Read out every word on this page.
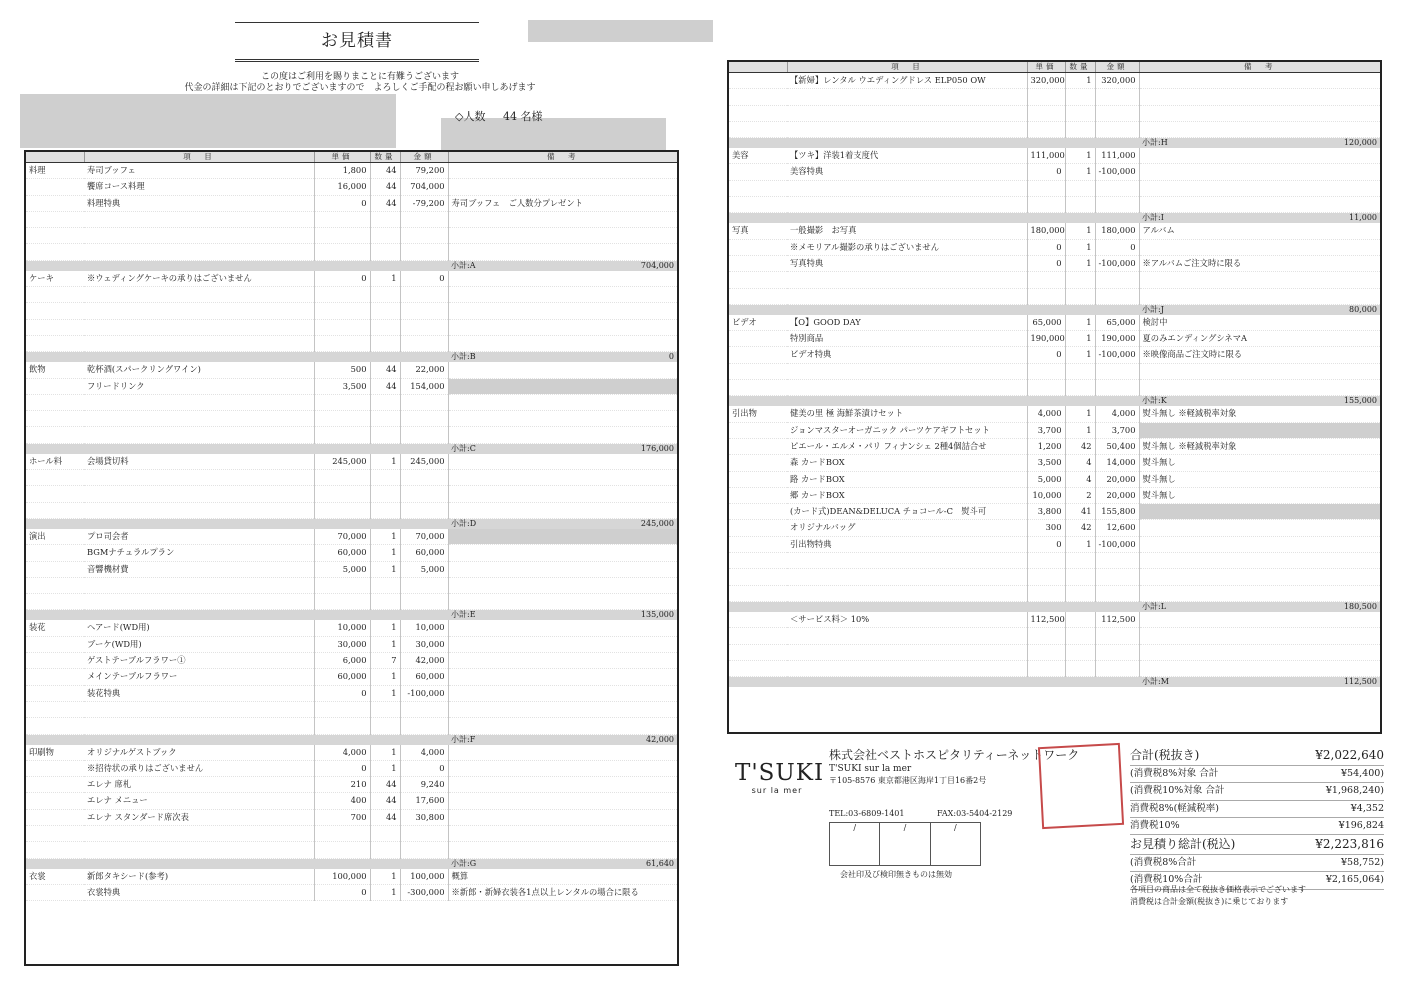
お見積書
この度はご利用を賜りまことに有難うございます
代金の詳細は下記のとおりでございますので　よろしくご手配の程お願い申しあげます
◇人数 44 名様
	項　目	単価	数量	金額	備　考
料理	寿司ブッフェ	1,800	44	79,200	
	饗席コース料理	16,000	44	704,000	
	料理特典	0	44	-79,200	寿司ブッフェ　ご人数分プレゼント

小計:A	704,000

ケーキ	※ウェディングケーキの承りはございません	0	1	0	

小計:B	0

飲物	乾杯酒(スパークリングワイン)	500	44	22,000	
	フリードリンク	3,500	44	154,000	

小計:C	176,000

ホール料	会場貸切料	245,000	1	245,000	

小計:D	245,000

演出	プロ司会者	70,000	1	70,000	
	BGMナチュラルプラン	60,000	1	60,000	
	音響機材費	5,000	1	5,000	

小計:E	135,000

装花	ヘアード(WD用)	10,000	1	10,000	
	ブーケ(WD用)	30,000	1	30,000	
	ゲストテーブルフラワー①	6,000	7	42,000	
	メインテーブルフラワー	60,000	1	60,000	
	装花特典	0	1	-100,000	

小計:F	42,000

印刷物	オリジナルゲストブック	4,000	1	4,000	
	※招待状の承りはございません	0	1	0	
	エレナ 席札	210	44	9,240	
	エレナ メニュー	400	44	17,600	
	エレナ スタンダード席次表	700	44	30,800	

小計:G	61,640

衣裳	新郎タキシード(参考)	100,000	1	100,000	概算
	衣裳特典	0	1	-300,000	※新郎・新婦衣装各1点以上レンタルの場合に限る
	項　目	単価	数量	金額	備　考
	【新婦】レンタル ウエディングドレス ELP050 OW	320,000	1	320,000	

小計:H	120,000

美容	【ツキ】洋装1着支度代	111,000	1	111,000	
	美容特典	0	1	-100,000	

小計:I	11,000

写真	一般撮影　お写真	180,000	1	180,000	アルバム
	※メモリアル撮影の承りはございません	0	1	0	
	写真特典	0	1	-100,000	※アルバムご注文時に限る

小計:J	80,000

ビデオ	【O】GOOD DAY	65,000	1	65,000	検討中
	特別商品	190,000	1	190,000	夏のみエンディングシネマA
	ビデオ特典	0	1	-100,000	※映像商品ご注文時に限る

小計:K	155,000

引出物	健美の里 極 海鮮茶漬けセット	4,000	1	4,000	熨斗無し ※軽減税率対象
	ジョンマスターオーガニック パーツケアギフトセット	3,700	1	3,700	
	ピエール・エルメ・パリ フィナンシェ 2種4個詰合せ	1,200	42	50,400	熨斗無し ※軽減税率対象
	森 カードBOX	3,500	4	14,000	熨斗無し
	路 カードBOX	5,000	4	20,000	熨斗無し
	郷 カードBOX	10,000	2	20,000	熨斗無し
	(カード式)DEAN&DELUCA チョコール-C　熨斗可	3,800	41	155,800	
	オリジナルバッグ	300	42	12,600	
	引出物特典	0	1	-100,000	

小計:L	180,500

	＜サービス料＞ 10%	112,500		112,500	

小計:M	112,500
T'SUKI
sur la mer
株式会社ベストホスピタリティーネットワーク
T'SUKI sur la mer
〒105-8576 東京都港区海岸1丁目16番2号
TEL:03-6809-1401	FAX:03-5404-2129
/	/	/
会社印及び検印無きものは無効
合計(税抜き)	¥2,022,640
(消費税8%対象 合計	¥54,400)
(消費税10%対象 合計	¥1,968,240)
消費税8%(軽減税率)	¥4,352
消費税10%	¥196,824
お見積り総計(税込)	¥2,223,816
(消費税8%合計	¥58,752)
(消費税10%合計	¥2,165,064)
各項目の商品は全て税抜き価格表示でございます
消費税は合計金額(税抜き)に乗じております
